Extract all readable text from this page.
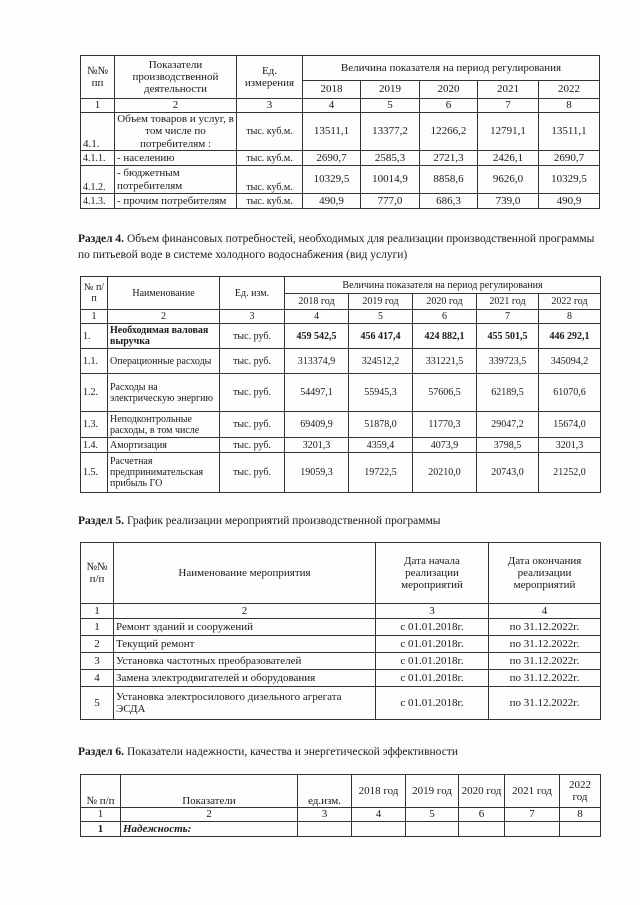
№№ пп	Показатели производственной деятельности	Ед. измерения	Величина показателя на период регулирования				
			2018	2019	2020	2021	2022
1	2	3	4	5	6	7	8
4.1.	Объем товаров и услуг, в том числе по потребителям :	тыс. куб.м.	13511,1	13377,2	12266,2	12791,1	13511,1
4.1.1.	- населению	тыс. куб.м.	2690,7	2585,3	2721,3	2426,1	2690,7
4.1.2.	- бюджетным потребителям	тыс. куб.м.	10329,5	10014,9	8858,6	9626,0	10329,5
4.1.3.	- прочим потребителям	тыс. куб.м.	490,9	777,0	686,3	739,0	490,9
Раздел 4. Объем финансовых потребностей, необходимых для реализации производственной программы по питьевой воде в системе холодного водоснабжения (вид услуги)
№ п/п	Наименование	Ед. изм.	Величина показателя на период регулирования				
			2018 год	2019 год	2020 год	2021 год	2022 год
1	2	3	4	5	6	7	8
1.	Необходимая валовая выручка	тыс. руб.	459 542,5	456 417,4	424 882,1	455 501,5	446 292,1
1.1.	Операционные расходы	тыс. руб.	313374,9	324512,2	331221,5	339723,5	345094,2
1.2.	Расходы на электрическую энергию	тыс. руб.	54497,1	55945,3	57606,5	62189,5	61070,6
1.3.	Неподконтрольные расходы, в том числе	тыс. руб.	69409,9	51878,0	11770,3	29047,2	15674,0
1.4.	Амортизация	тыс. руб.	3201,3	4359,4	4073,9	3798,5	3201,3
1.5.	Расчетная предпринимательская прибыль ГО	тыс. руб.	19059,3	19722,5	20210,0	20743,0	21252,0
Раздел 5. График реализации мероприятий производственной программы
№№ п/п	Наименование мероприятия	Дата начала реализации мероприятий	Дата окончания реализации мероприятий
1	2	3	4
1	Ремонт зданий и сооружений	с 01.01.2018г.	по 31.12.2022г.
2	Текущий ремонт	с 01.01.2018г.	по 31.12.2022г.
3	Установка частотных преобразователей	с 01.01.2018г.	по 31.12.2022г.
4	Замена электродвигателей и оборудования	с 01.01.2018г.	по 31.12.2022г.
5	Установка электросилового дизельного агрегата ЭСДА	с 01.01.2018г.	по 31.12.2022г.
Раздел 6. Показатели надежности, качества и энергетической эффективности
№ п/п	Показатели	ед.изм.	2018 год	2019 год	2020 год	2021 год	2022 год
1	2	3	4	5	6	7	8
1	Надежность:						
